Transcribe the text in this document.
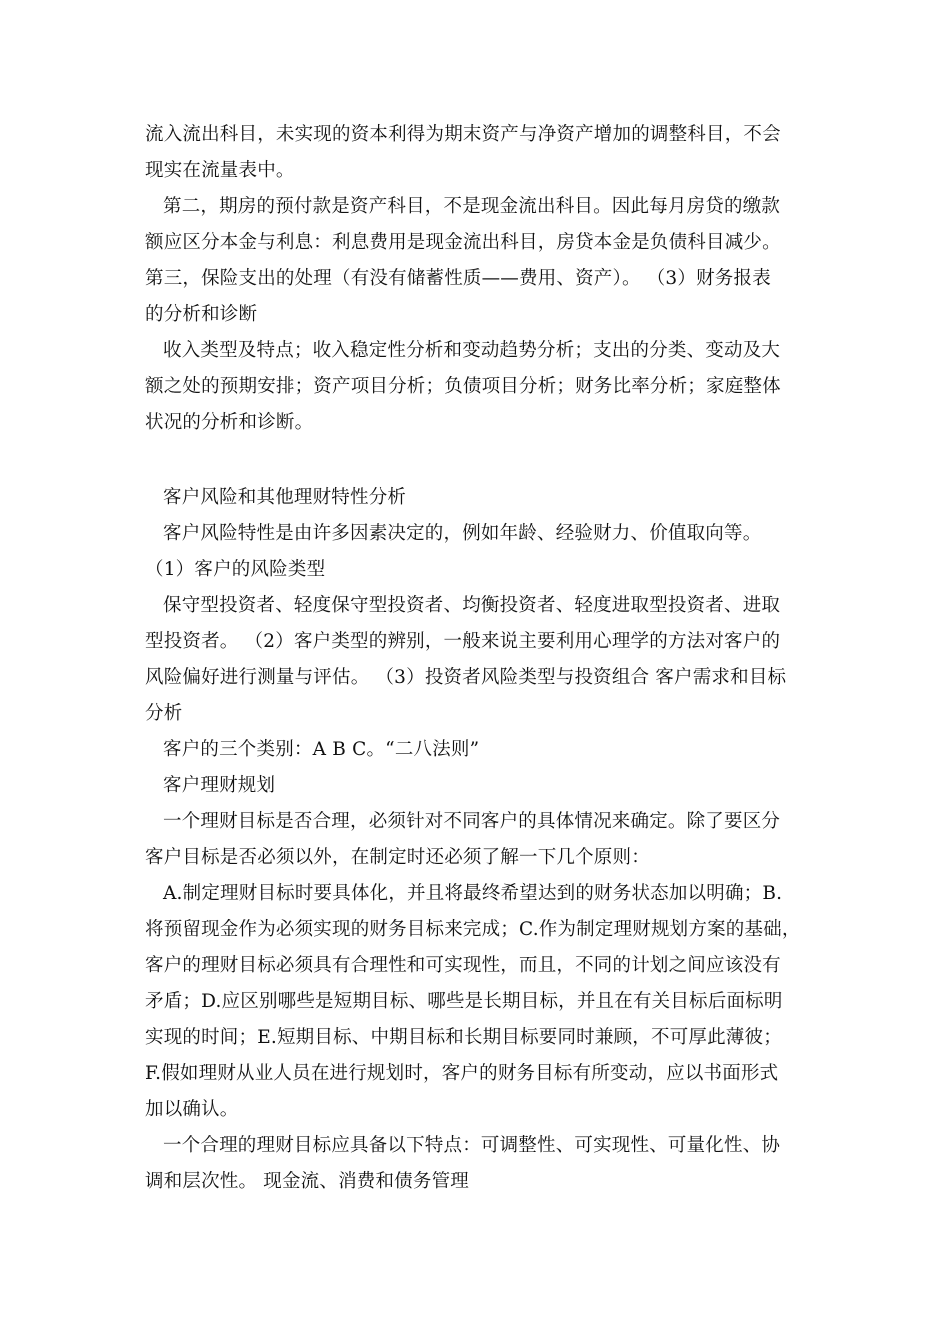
流入流出科目，未实现的资本利得为期末资产与净资产增加的调整科目，不会
现实在流量表中。
第二，期房的预付款是资产科目，不是现金流出科目。因此每月房贷的缴款
额应区分本金与利息：利息费用是现金流出科目，房贷本金是负债科目减少。
第三，保险支出的处理（有没有储蓄性质——费用、资产）。 （3）财务报表
的分析和诊断
收入类型及特点；收入稳定性分析和变动趋势分析；支出的分类、变动及大
额之处的预期安排；资产项目分析；负债项目分析；财务比率分析；家庭整体
状况的分析和诊断。
客户风险和其他理财特性分析
客户风险特性是由许多因素决定的，例如年龄、经验财力、价值取向等。
（1）客户的风险类型
保守型投资者、轻度保守型投资者、均衡投资者、轻度进取型投资者、进取
型投资者。 （2）客户类型的辨别，一般来说主要利用心理学的方法对客户的
风险偏好进行测量与评估。 （3）投资者风险类型与投资组合 客户需求和目标
分析
客户的三个类别：A B C。“二八法则”
客户理财规划
一个理财目标是否合理，必须针对不同客户的具体情况来确定。除了要区分
客户目标是否必须以外，在制定时还必须了解一下几个原则：
A.制定理财目标时要具体化，并且将最终希望达到的财务状态加以明确；B.
将预留现金作为必须实现的财务目标来完成；C.作为制定理财规划方案的基础，
客户的理财目标必须具有合理性和可实现性，而且，不同的计划之间应该没有
矛盾；D.应区别哪些是短期目标、哪些是长期目标，并且在有关目标后面标明
实现的时间；E.短期目标、中期目标和长期目标要同时兼顾，不可厚此薄彼；
F.假如理财从业人员在进行规划时，客户的财务目标有所变动，应以书面形式
加以确认。
一个合理的理财目标应具备以下特点：可调整性、可实现性、可量化性、协
调和层次性。 现金流、消费和债务管理
